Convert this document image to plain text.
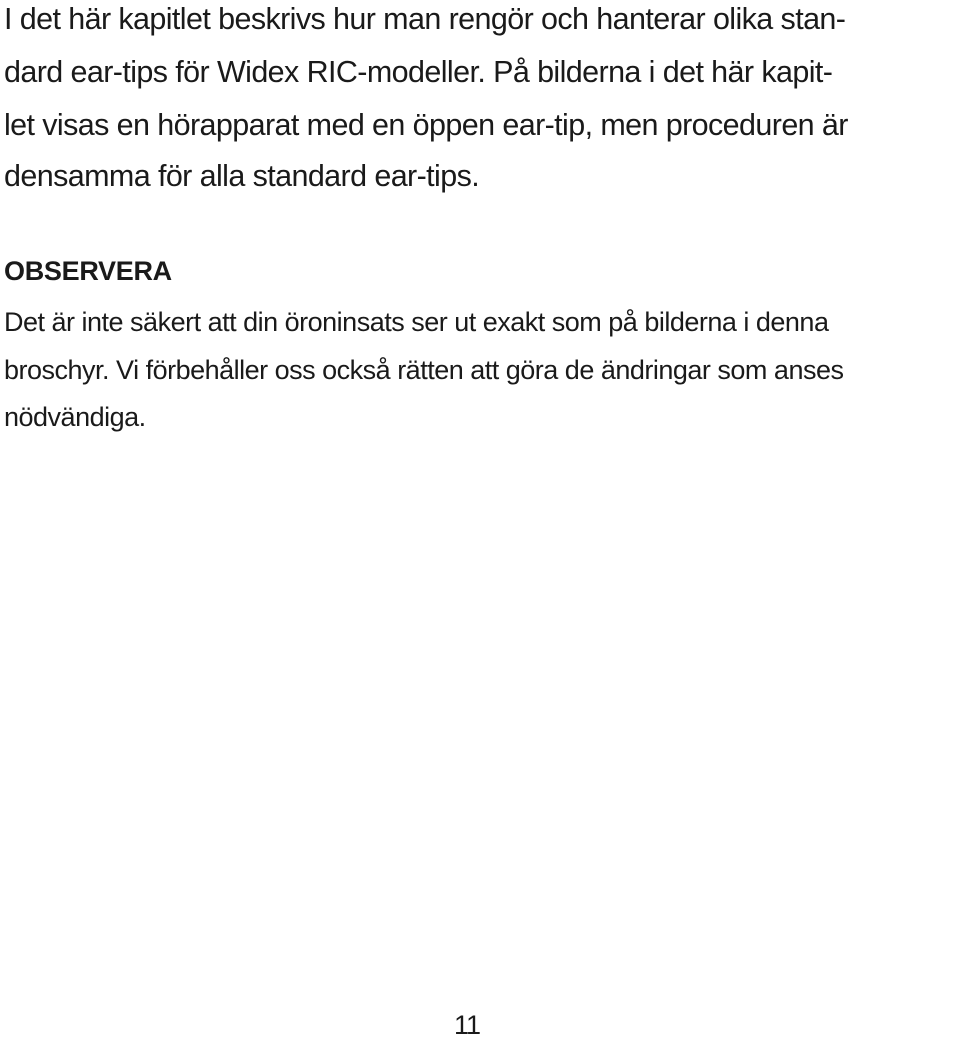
I det här kapitlet beskrivs hur man rengör och hanterar olika stan-

dard ear-tips för Widex RIC-modeller. På bilderna i det här kapit-

let visas en hörapparat med en öppen ear-tip, men proceduren är

densamma för alla standard ear-tips.

OBSERVERA

Det är inte säkert att din öroninsats ser ut exakt som på bilderna i denna

broschyr. Vi förbehåller oss också rätten att göra de ändringar som anses

nödvändiga.

11
